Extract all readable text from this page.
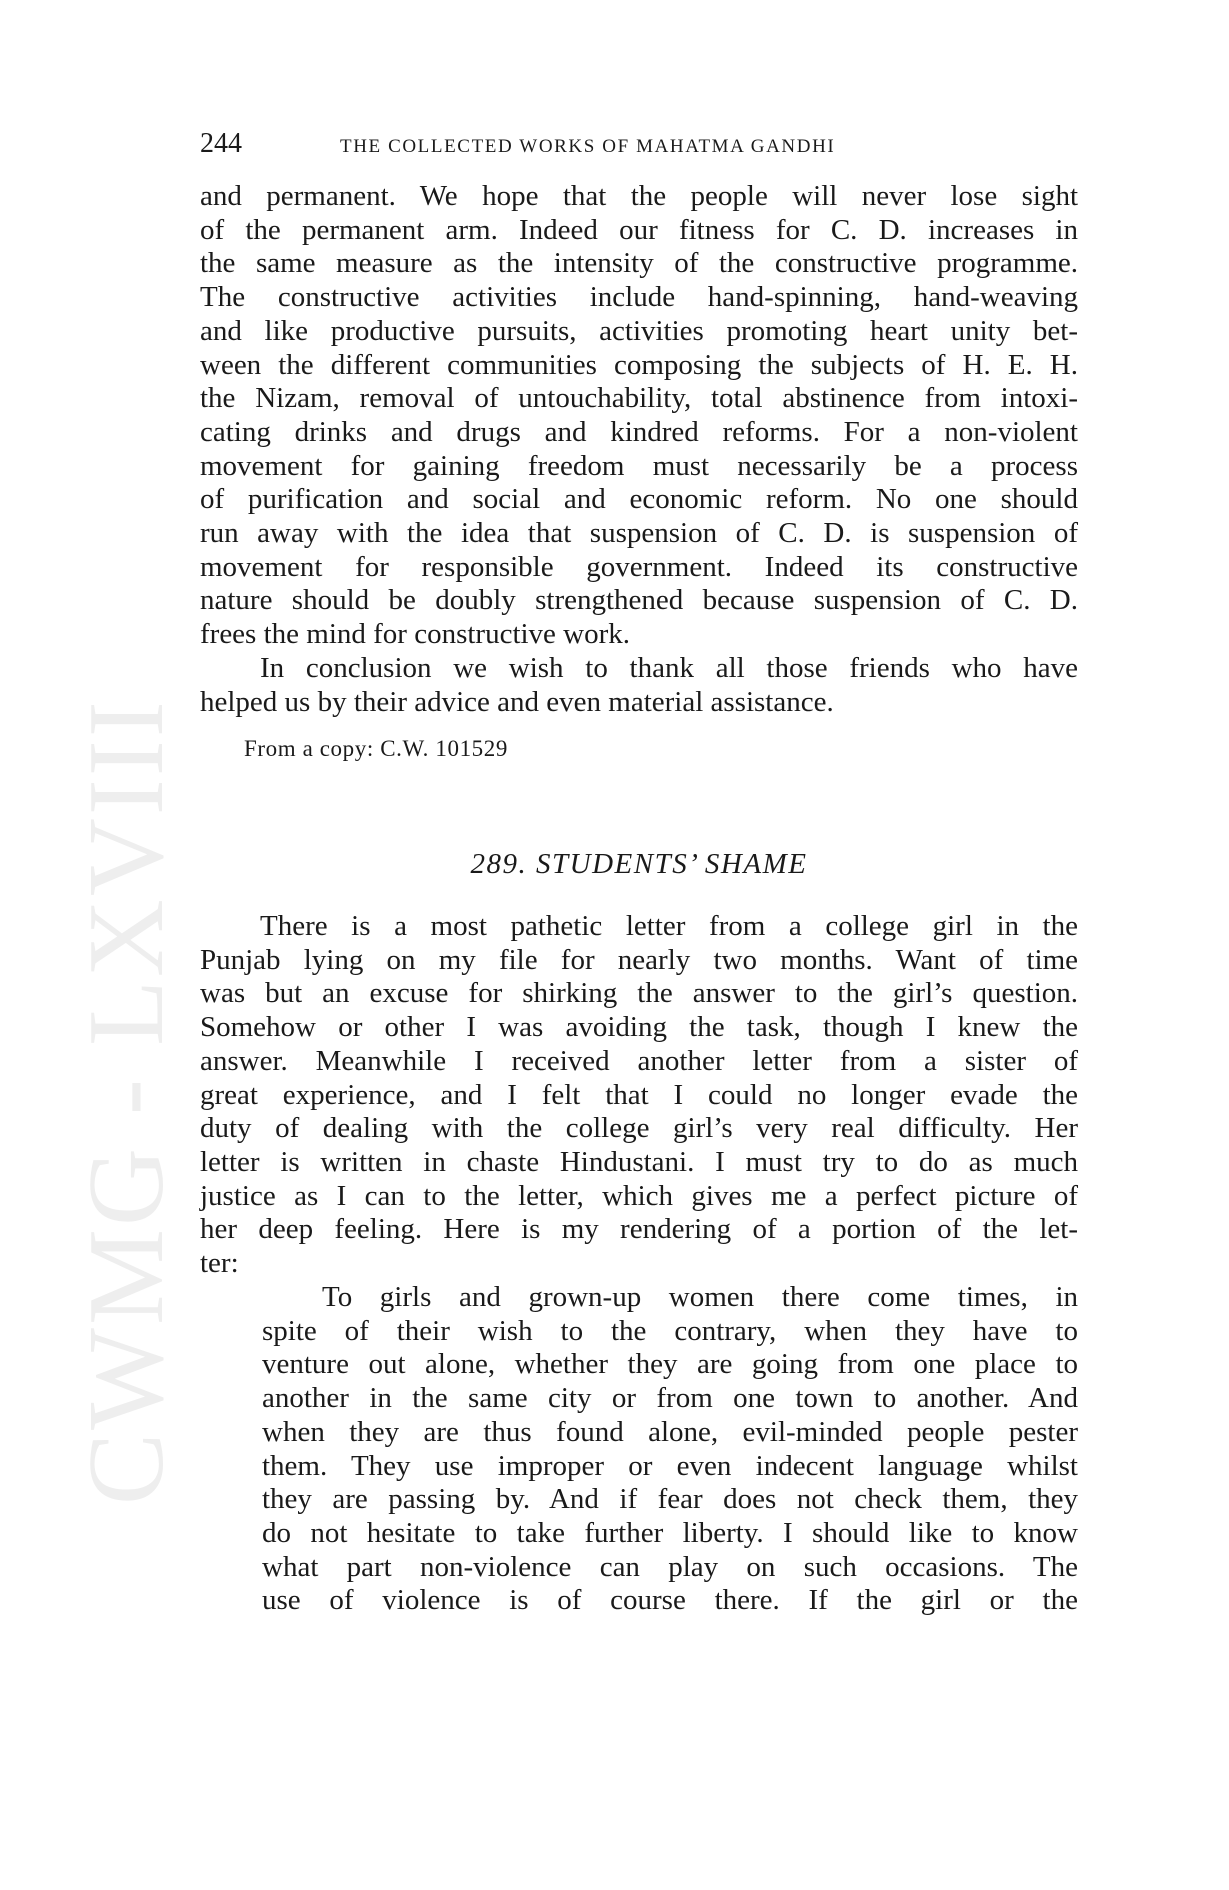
CWMG - LXVIII
244	THE COLLECTED WORKS OF MAHATMA GANDHI
and permanent. We hope that the people will never lose sight
of the permanent arm. Indeed our fitness for C. D. increases in
the same measure as the intensity of the constructive programme.
The constructive activities include hand-spinning, hand-weaving
and like productive pursuits, activities promoting heart unity bet-
ween the different communities composing the subjects of H. E. H.
the Nizam, removal of untouchability, total abstinence from intoxi-
cating drinks and drugs and kindred reforms. For a non-violent
movement for gaining freedom must necessarily be a process
of purification and social and economic reform. No one should
run away with the idea that suspension of C. D. is suspension of
movement for responsible government. Indeed its constructive
nature should be doubly strengthened because suspension of C. D.
frees the mind for constructive work.
In conclusion we wish to thank all those friends who have
helped us by their advice and even material assistance.
From a copy: C.W. 101529
289. STUDENTS’ SHAME
There is a most pathetic letter from a college girl in the
Punjab lying on my file for nearly two months. Want of time
was but an excuse for shirking the answer to the girl’s question.
Somehow or other I was avoiding the task, though I knew the
answer. Meanwhile I received another letter from a sister of
great experience, and I felt that I could no longer evade the
duty of dealing with the college girl’s very real difficulty. Her
letter is written in chaste Hindustani. I must try to do as much
justice as I can to the letter, which gives me a perfect picture of
her deep feeling. Here is my rendering of a portion of the let-
ter:
To girls and grown-up women there come times, in
spite of their wish to the contrary, when they have to
venture out alone, whether they are going from one place to
another in the same city or from one town to another. And
when they are thus found alone, evil-minded people pester
them. They use improper or even indecent language whilst
they are passing by. And if fear does not check them, they
do not hesitate to take further liberty. I should like to know
what part non-violence can play on such occasions. The
use of violence is of course there. If the girl or the
